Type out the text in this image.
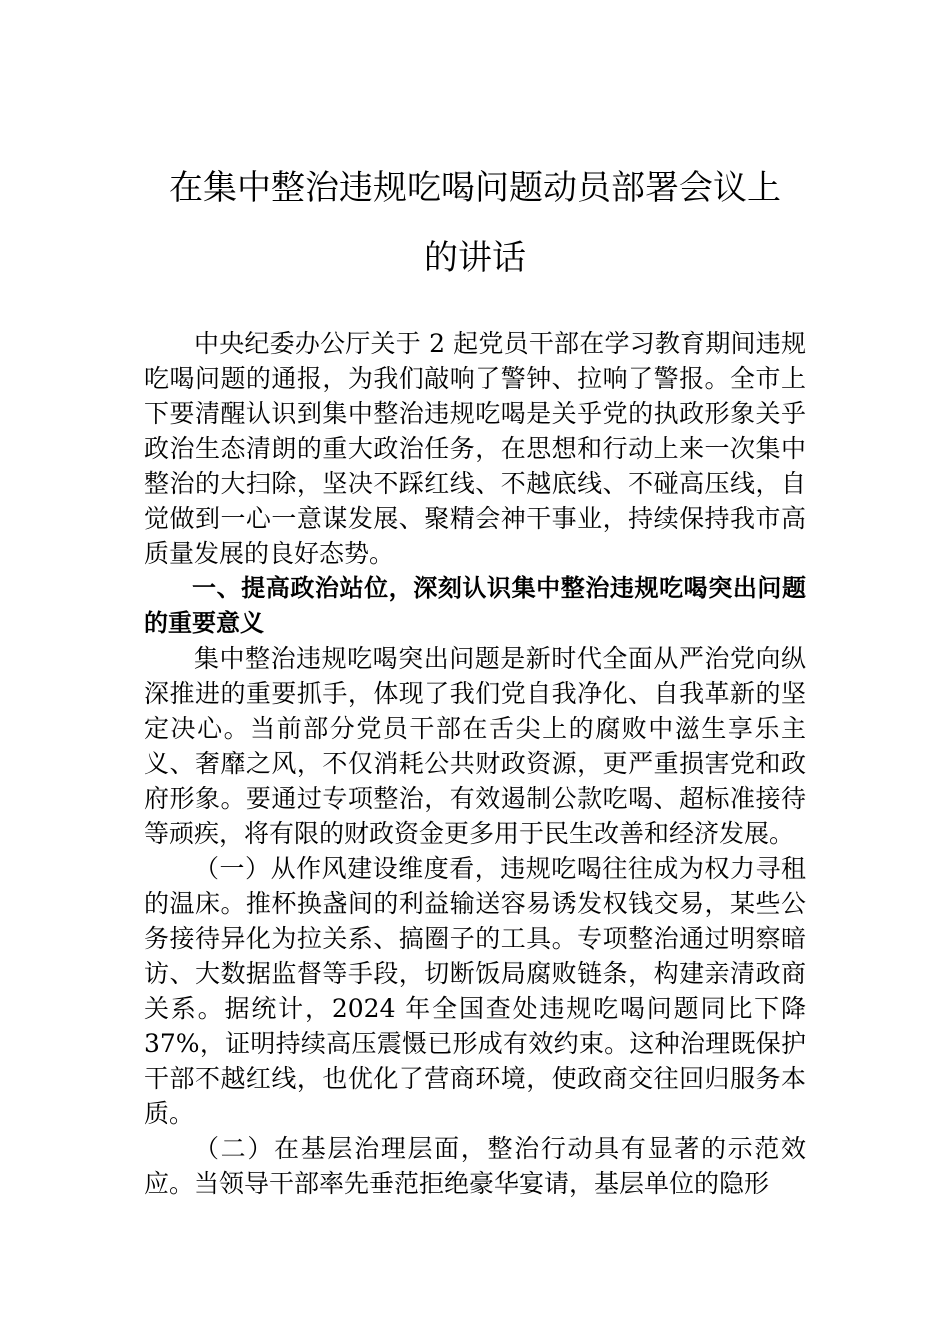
在集中整治违规吃喝问题动员部署会议上
的讲话

中央纪委办公厅关于 2 起党员干部在学习教育期间违规吃喝问题的通报，为我们敲响了警钟、拉响了警报。全市上下要清醒认识到集中整治违规吃喝是关乎党的执政形象关乎政治生态清朗的重大政治任务，在思想和行动上来一次集中整治的大扫除，坚决不踩红线、不越底线、不碰高压线，自觉做到一心一意谋发展、聚精会神干事业，持续保持我市高质量发展的良好态势。

一、提高政治站位，深刻认识集中整治违规吃喝突出问题的重要意义

集中整治违规吃喝突出问题是新时代全面从严治党向纵深推进的重要抓手，体现了我们党自我净化、自我革新的坚定决心。当前部分党员干部在舌尖上的腐败中滋生享乐主义、奢靡之风，不仅消耗公共财政资源，更严重损害党和政府形象。要通过专项整治，有效遏制公款吃喝、超标准接待等顽疾，将有限的财政资金更多用于民生改善和经济发展。

（一）从作风建设维度看，违规吃喝往往成为权力寻租的温床。推杯换盏间的利益输送容易诱发权钱交易，某些公务接待异化为拉关系、搞圈子的工具。专项整治通过明察暗访、大数据监督等手段，切断饭局腐败链条，构建亲清政商关系。据统计，2024 年全国查处违规吃喝问题同比下降 37%，证明持续高压震慑已形成有效约束。这种治理既保护干部不越红线，也优化了营商环境，使政商交往回归服务本质。

（二）在基层治理层面，整治行动具有显著的示范效应。当领导干部率先垂范拒绝豪华宴请，基层单位的隐形
